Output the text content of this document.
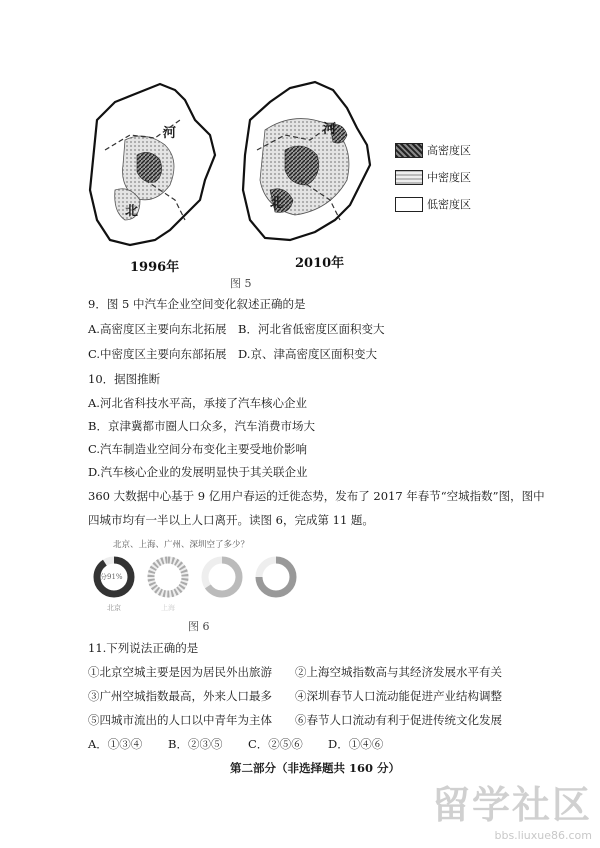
河
北
河
北
1996年	2010年
高密度区
中密度区
低密度区
图 5
9．图 5 中汽车企业空间变化叙述正确的是
A.高密度区主要向东北拓展 B．河北省低密度区面积变大
C.中密度区主要向东部拓展 D.京、津高密度区面积变大
10．据图推断
A.河北省科技水平高，承接了汽车核心企业
B．京津冀都市圈人口众多，汽车消费市场大
C.汽车制造业空间分布变化主要受地价影响
D.汽车核心企业的发展明显快于其关联企业
360 大数据中心基于 9 亿用户春运的迁徙态势，发布了 2017 年春节“空城指数”图，图中
四城市均有一半以上人口离开。读图 6，完成第 11 题。
北京、上海、广州、深圳空了多少？
分91%
北京	上海
图 6
11.下列说法正确的是
①北京空城主要是因为居民外出旅游 ②上海空城指数高与其经济发展水平有关
③广州空城指数最高，外来人口最多 ④深圳春节人口流动能促进产业结构调整
⑤四城市流出的人口以中青年为主体 ⑥春节人口流动有利于促进传统文化发展
A．①③④ B．②③⑤ C．②⑤⑥ D．①④⑥
第二部分（非选择题共 160 分）
留学社区
bbs.liuxue86.com
